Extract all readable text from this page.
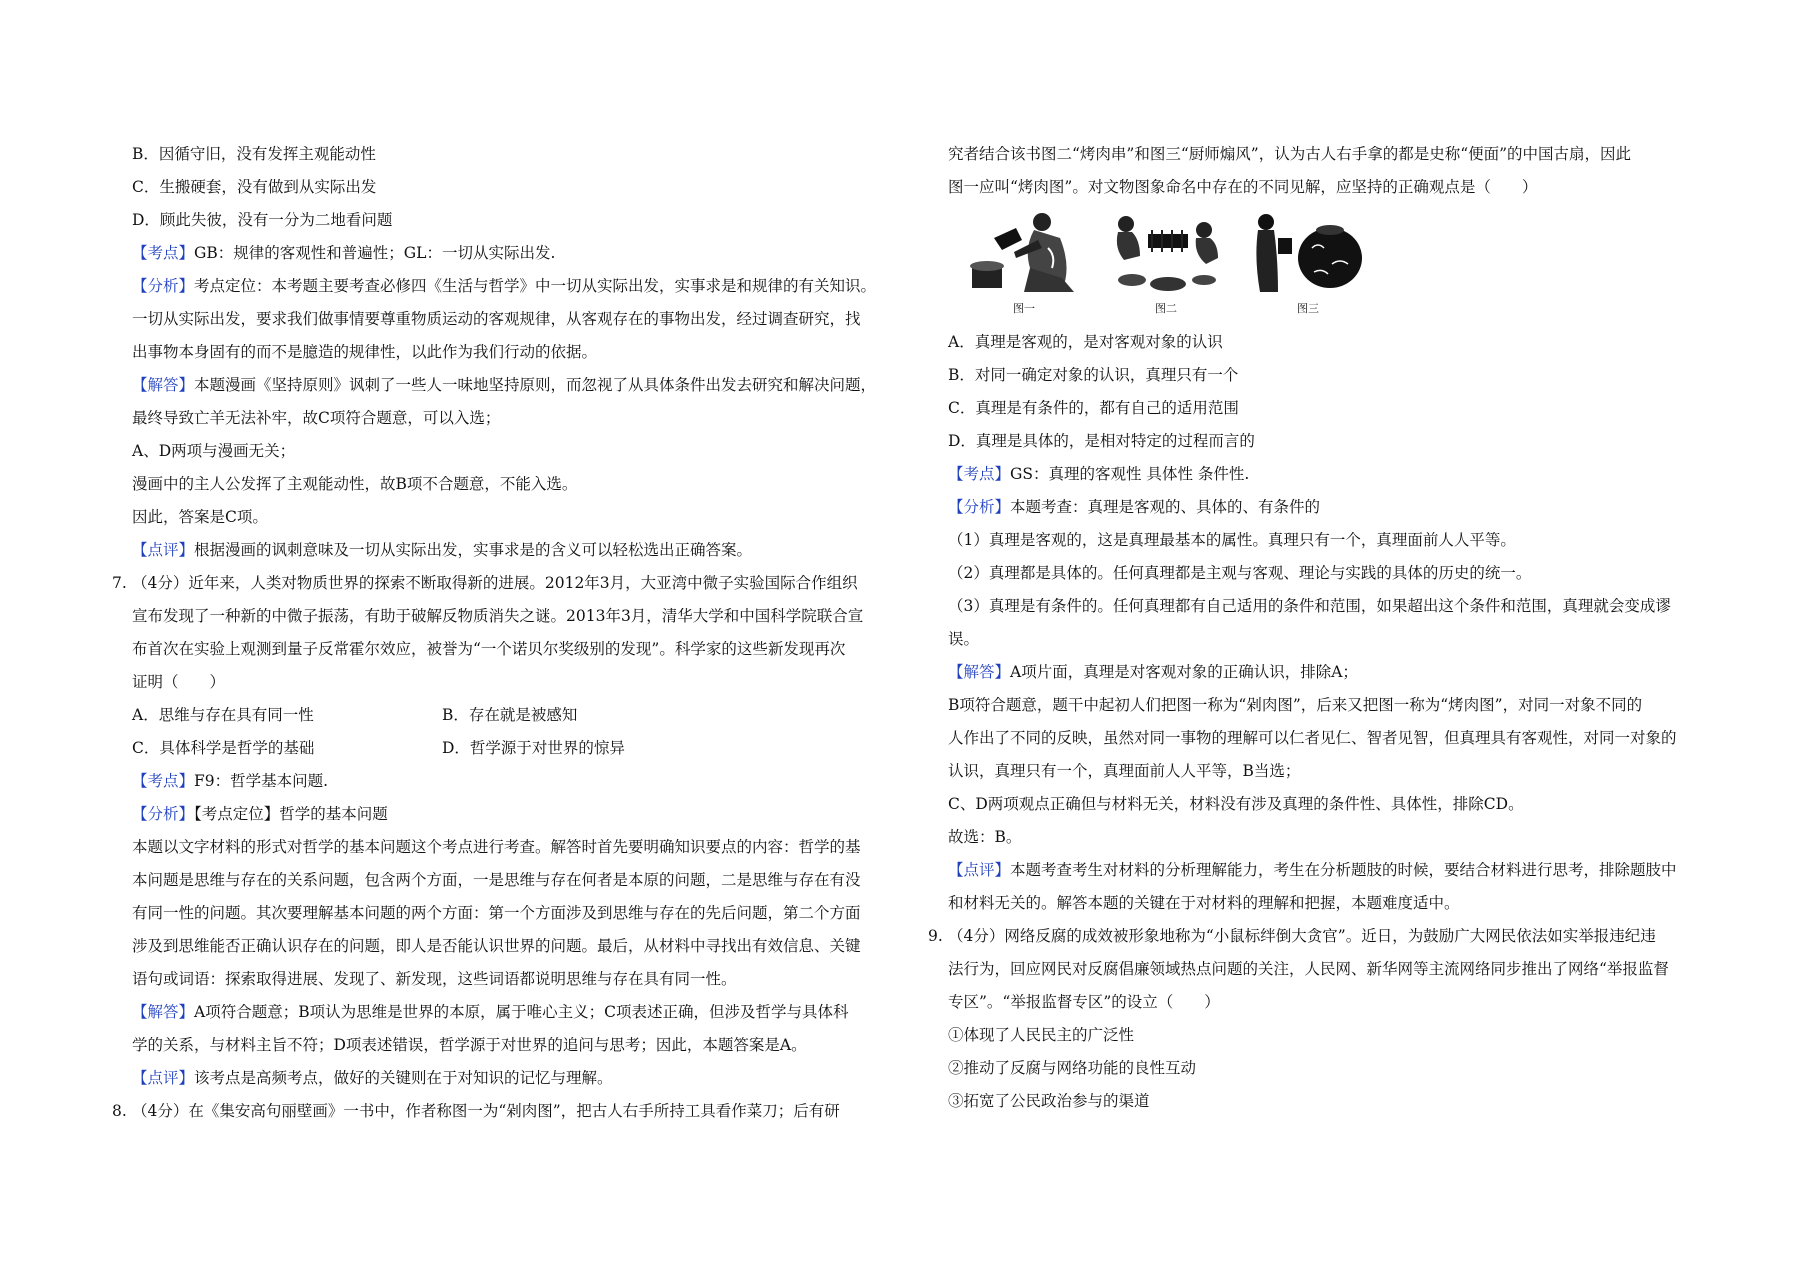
B．因循守旧，没有发挥主观能动性

C．生搬硬套，没有做到从实际出发

D．顾此失彼，没有一分为二地看问题

【考点】GB：规律的客观性和普遍性；GL：一切从实际出发.

【分析】考点定位：本考题主要考查必修四《生活与哲学》中一切从实际出发，实事求是和规律的有关知识。

一切从实际出发，要求我们做事情要尊重物质运动的客观规律，从客观存在的事物出发，经过调查研究，找

出事物本身固有的而不是臆造的规律性，以此作为我们行动的依据。

【解答】本题漫画《坚持原则》讽刺了一些人一味地坚持原则，而忽视了从具体条件出发去研究和解决问题，

最终导致亡羊无法补牢，故C项符合题意，可以入选；

A、D两项与漫画无关；

漫画中的主人公发挥了主观能动性，故B项不合题意，不能入选。

因此，答案是C项。

【点评】根据漫画的讽刺意味及一切从实际出发，实事求是的含义可以轻松选出正确答案。

7. （4分）近年来，人类对物质世界的探索不断取得新的进展。2012年3月，大亚湾中微子实验国际合作组织

宣布发现了一种新的中微子振荡，有助于破解反物质消失之谜。2013年3月，清华大学和中国科学院联合宣

布首次在实验上观测到量子反常霍尔效应，被誉为“一个诺贝尔奖级别的发现”。科学家的这些新发现再次

证明（　　）

A．思维与存在具有同一性	B．存在就是被感知
C．具体科学是哲学的基础	D．哲学源于对世界的惊异

【考点】F9：哲学基本问题.

【分析】【考点定位】哲学的基本问题

本题以文字材料的形式对哲学的基本问题这个考点进行考查。解答时首先要明确知识要点的内容：哲学的基

本问题是思维与存在的关系问题，包含两个方面，一是思维与存在何者是本原的问题，二是思维与存在有没

有同一性的问题。其次要理解基本问题的两个方面：第一个方面涉及到思维与存在的先后问题，第二个方面

涉及到思维能否正确认识存在的问题，即人是否能认识世界的问题。最后，从材料中寻找出有效信息、关键

语句或词语：探索取得进展、发现了、新发现，这些词语都说明思维与存在具有同一性。

【解答】A项符合题意；B项认为思维是世界的本原，属于唯心主义；C项表述正确，但涉及哲学与具体科

学的关系，与材料主旨不符；D项表述错误，哲学源于对世界的追问与思考；因此，本题答案是A。

【点评】该考点是高频考点，做好的关键则在于对知识的记忆与理解。

8. （4分）在《集安高句丽壁画》一书中，作者称图一为“剁肉图”，把古人右手所持工具看作菜刀；后有研

究者结合该书图二“烤肉串”和图三“厨师煽风”，认为古人右手拿的都是史称“便面”的中国古扇，因此

图一应叫“烤肉图”。对文物图象命名中存在的不同见解，应坚持的正确观点是（　　）

图一	图二	图三

A．真理是客观的，是对客观对象的认识

B．对同一确定对象的认识，真理只有一个

C．真理是有条件的，都有自己的适用范围

D．真理是具体的，是相对特定的过程而言的

【考点】GS：真理的客观性 具体性 条件性.

【分析】本题考查：真理是客观的、具体的、有条件的

（1）真理是客观的，这是真理最基本的属性。真理只有一个，真理面前人人平等。

（2）真理都是具体的。任何真理都是主观与客观、理论与实践的具体的历史的统一。

（3）真理是有条件的。任何真理都有自己适用的条件和范围，如果超出这个条件和范围，真理就会变成谬

误。

【解答】A项片面，真理是对客观对象的正确认识，排除A；

B项符合题意，题干中起初人们把图一称为“剁肉图”，后来又把图一称为“烤肉图”，对同一对象不同的

人作出了不同的反映，虽然对同一事物的理解可以仁者见仁、智者见智，但真理具有客观性，对同一对象的

认识，真理只有一个，真理面前人人平等，B当选；

C、D两项观点正确但与材料无关，材料没有涉及真理的条件性、具体性，排除CD。

故选：B。

【点评】本题考查考生对材料的分析理解能力，考生在分析题肢的时候，要结合材料进行思考，排除题肢中

和材料无关的。解答本题的关键在于对材料的理解和把握，本题难度适中。

9. （4分）网络反腐的成效被形象地称为“小鼠标绊倒大贪官”。近日，为鼓励广大网民依法如实举报违纪违

法行为，回应网民对反腐倡廉领域热点问题的关注，人民网、新华网等主流网络同步推出了网络“举报监督

专区”。“举报监督专区”的设立（　　）

①体现了人民民主的广泛性

②推动了反腐与网络功能的良性互动

③拓宽了公民政治参与的渠道
